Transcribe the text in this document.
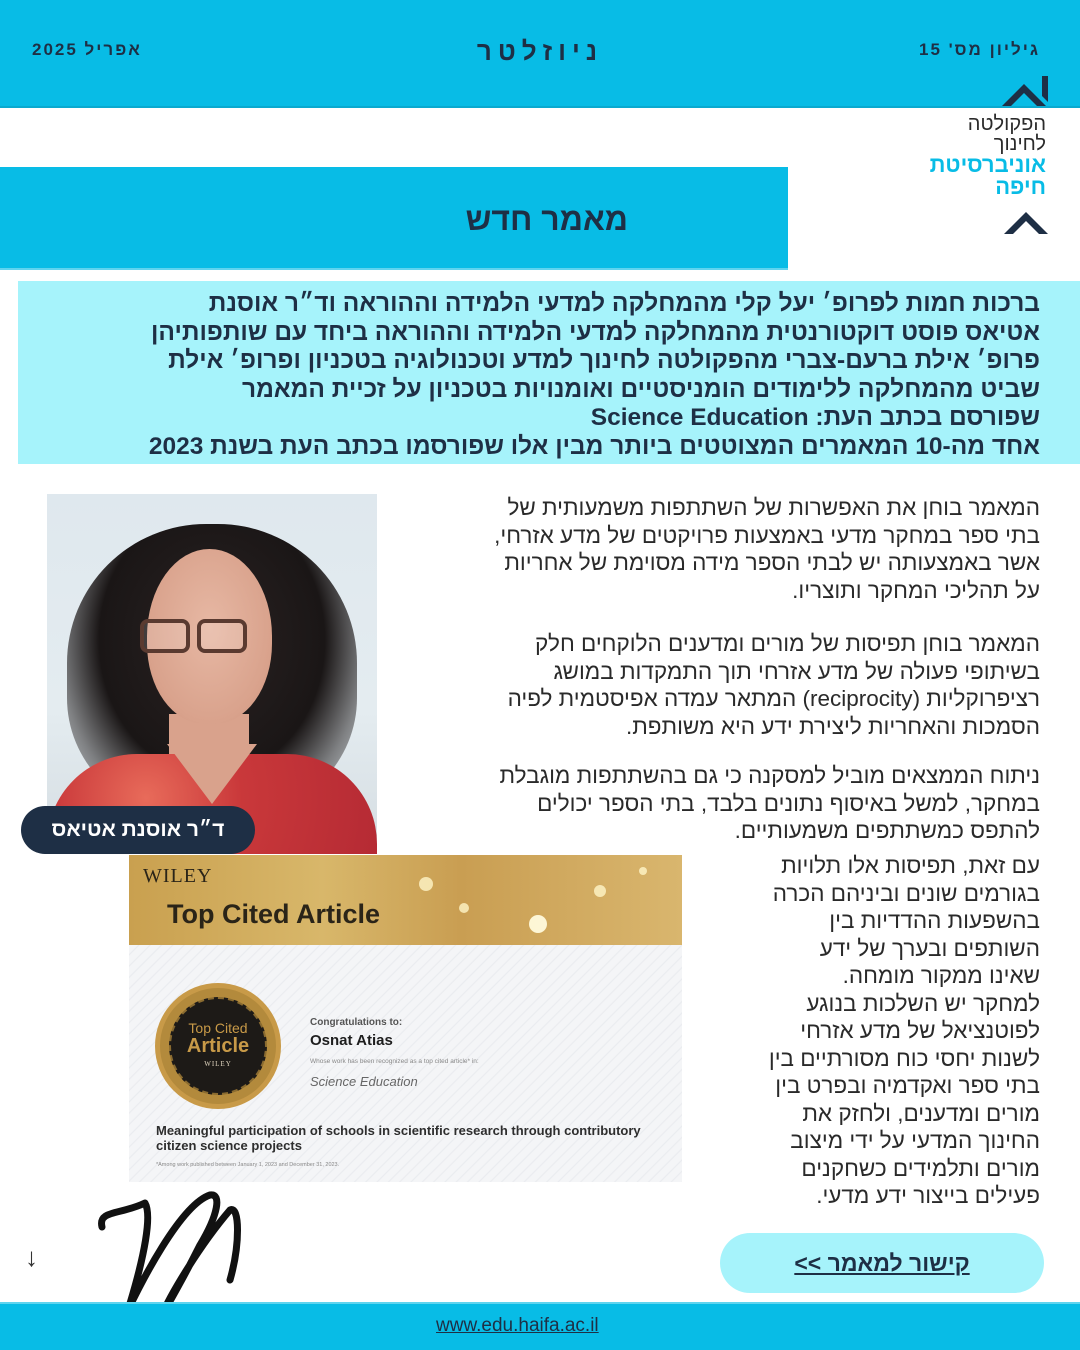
גיליון מס' 15
ניוזלטר
אפריל 2025
הפקולטה
לחינוך
אוניברסיטת
חיפה
מאמר חדש

ברכות חמות לפרופ׳ יעל קלי מהמחלקה למדעי הלמידה וההוראה וד״ר אוסנת

אטיאס פוסט דוקטורנטית מהמחלקה למדעי הלמידה וההוראה ביחד עם שותפותיהן

פרופ׳ אילת ברעם-צברי מהפקולטה לחינוך למדע וטכנולוגיה בטכניון ופרופ׳ אילת

שביט מהמחלקה ללימודים הומניסטיים ואומנויות בטכניון על זכיית המאמר

שפורסם בכתב העת: Science Education

אחד מה-10 המאמרים המצוטטים ביותר מבין אלו שפורסמו בכתב העת בשנת 2023

ד״ר אוסנת אטיאס
המאמר בוחן את האפשרות של השתתפות משמעותית של
בתי ספר במחקר מדעי באמצעות פרויקטים של מדע אזרחי,
אשר באמצעותה יש לבתי הספר מידה מסוימת של אחריות
על תהליכי המחקר ותוצריו.
המאמר בוחן תפיסות של מורים ומדענים הלוקחים חלק
בשיתופי פעולה של מדע אזרחי תוך התמקדות במושג
רציפרוקליות (reciprocity) המתאר עמדה אפיסטמית לפיה
הסמכות והאחריות ליצירת ידע היא משותפת.
ניתוח הממצאים מוביל למסקנה כי גם בהשתתפות מוגבלת
במחקר, למשל באיסוף נתונים בלבד, בתי הספר יכולים
להתפס כמשתתפים משמעותיים.
עם זאת, תפיסות אלו תלויות
בגורמים שונים וביניהם הכרה
בהשפעות ההדדיות בין
השותפים ובערך של ידע
שאינו ממקור מומחה.
למחקר יש השלכות בנוגע
לפוטנציאל של מדע אזרחי
לשנות יחסי כוח מסורתיים בין
בתי ספר ואקדמיה ובפרט בין
מורים ומדענים, ולחזק את
החינוך המדעי על ידי מיצוב
מורים ותלמידים כשחקנים
פעילים בייצור ידע מדעי.
WILEY
Top Cited Article
Top Cited
Article
WILEY
Congratulations to:
Osnat Atias
Whose work has been recognized as a top cited article* in:
Science Education
Meaningful participation of schools in scientific research through contributory citizen science projects
*Among work published between January 1, 2023 and December 31, 2023.
קישור למאמר >>
↓
www.edu.haifa.ac.il
